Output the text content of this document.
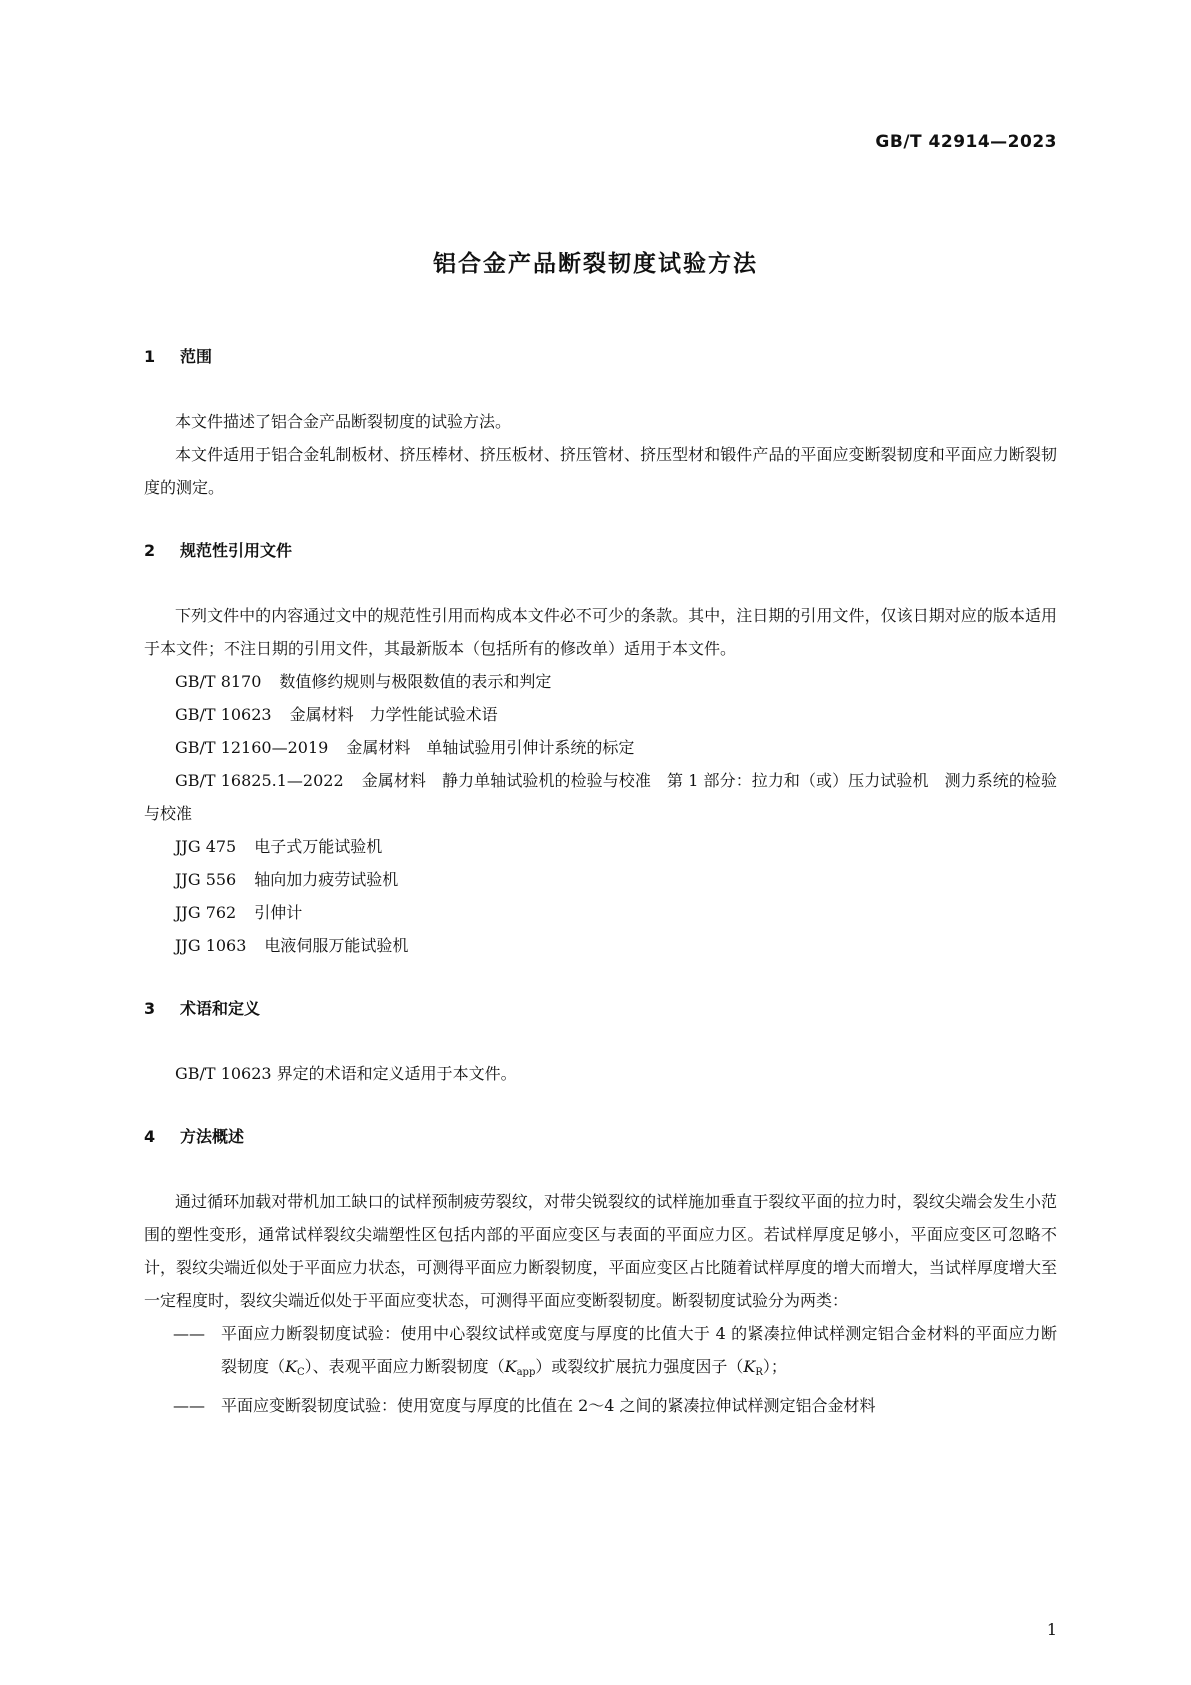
GB/T 42914—2023
铝合金产品断裂韧度试验方法
1	范围

本文件描述了铝合金产品断裂韧度的试验方法。

本文件适用于铝合金轧制板材、挤压棒材、挤压板材、挤压管材、挤压型材和锻件产品的平面应变断裂韧度和平面应力断裂韧度的测定。

2	规范性引用文件

下列文件中的内容通过文中的规范性引用而构成本文件必不可少的条款。其中，注日期的引用文件，仅该日期对应的版本适用于本文件；不注日期的引用文件，其最新版本（包括所有的修改单）适用于本文件。

GB/T 8170 数值修约规则与极限数值的表示和判定

GB/T 10623 金属材料　力学性能试验术语

GB/T 12160—2019 金属材料　单轴试验用引伸计系统的标定

GB/T 16825.1—2022 金属材料　静力单轴试验机的检验与校准　第 1 部分：拉力和（或）压力试验机　测力系统的检验与校准

JJG 475 电子式万能试验机

JJG 556 轴向加力疲劳试验机

JJG 762 引伸计

JJG 1063 电液伺服万能试验机

3	术语和定义

GB/T 10623 界定的术语和定义适用于本文件。

4	方法概述

通过循环加载对带机加工缺口的试样预制疲劳裂纹，对带尖锐裂纹的试样施加垂直于裂纹平面的拉力时，裂纹尖端会发生小范围的塑性变形，通常试样裂纹尖端塑性区包括内部的平面应变区与表面的平面应力区。若试样厚度足够小，平面应变区可忽略不计，裂纹尖端近似处于平面应力状态，可测得平面应力断裂韧度，平面应变区占比随着试样厚度的增大而增大，当试样厚度增大至一定程度时，裂纹尖端近似处于平面应变状态，可测得平面应变断裂韧度。断裂韧度试验分为两类：

——	平面应力断裂韧度试验：使用中心裂纹试样或宽度与厚度的比值大于 4 的紧凑拉伸试样测定铝合金材料的平面应力断裂韧度$(K_C)$、表观平面应力断裂韧度$(K_{app})$或裂纹扩展抗力强度因子$(K_R)$；
——	平面应变断裂韧度试验：使用宽度与厚度的比值在 2～4 之间的紧凑拉伸试样测定铝合金材料
1
